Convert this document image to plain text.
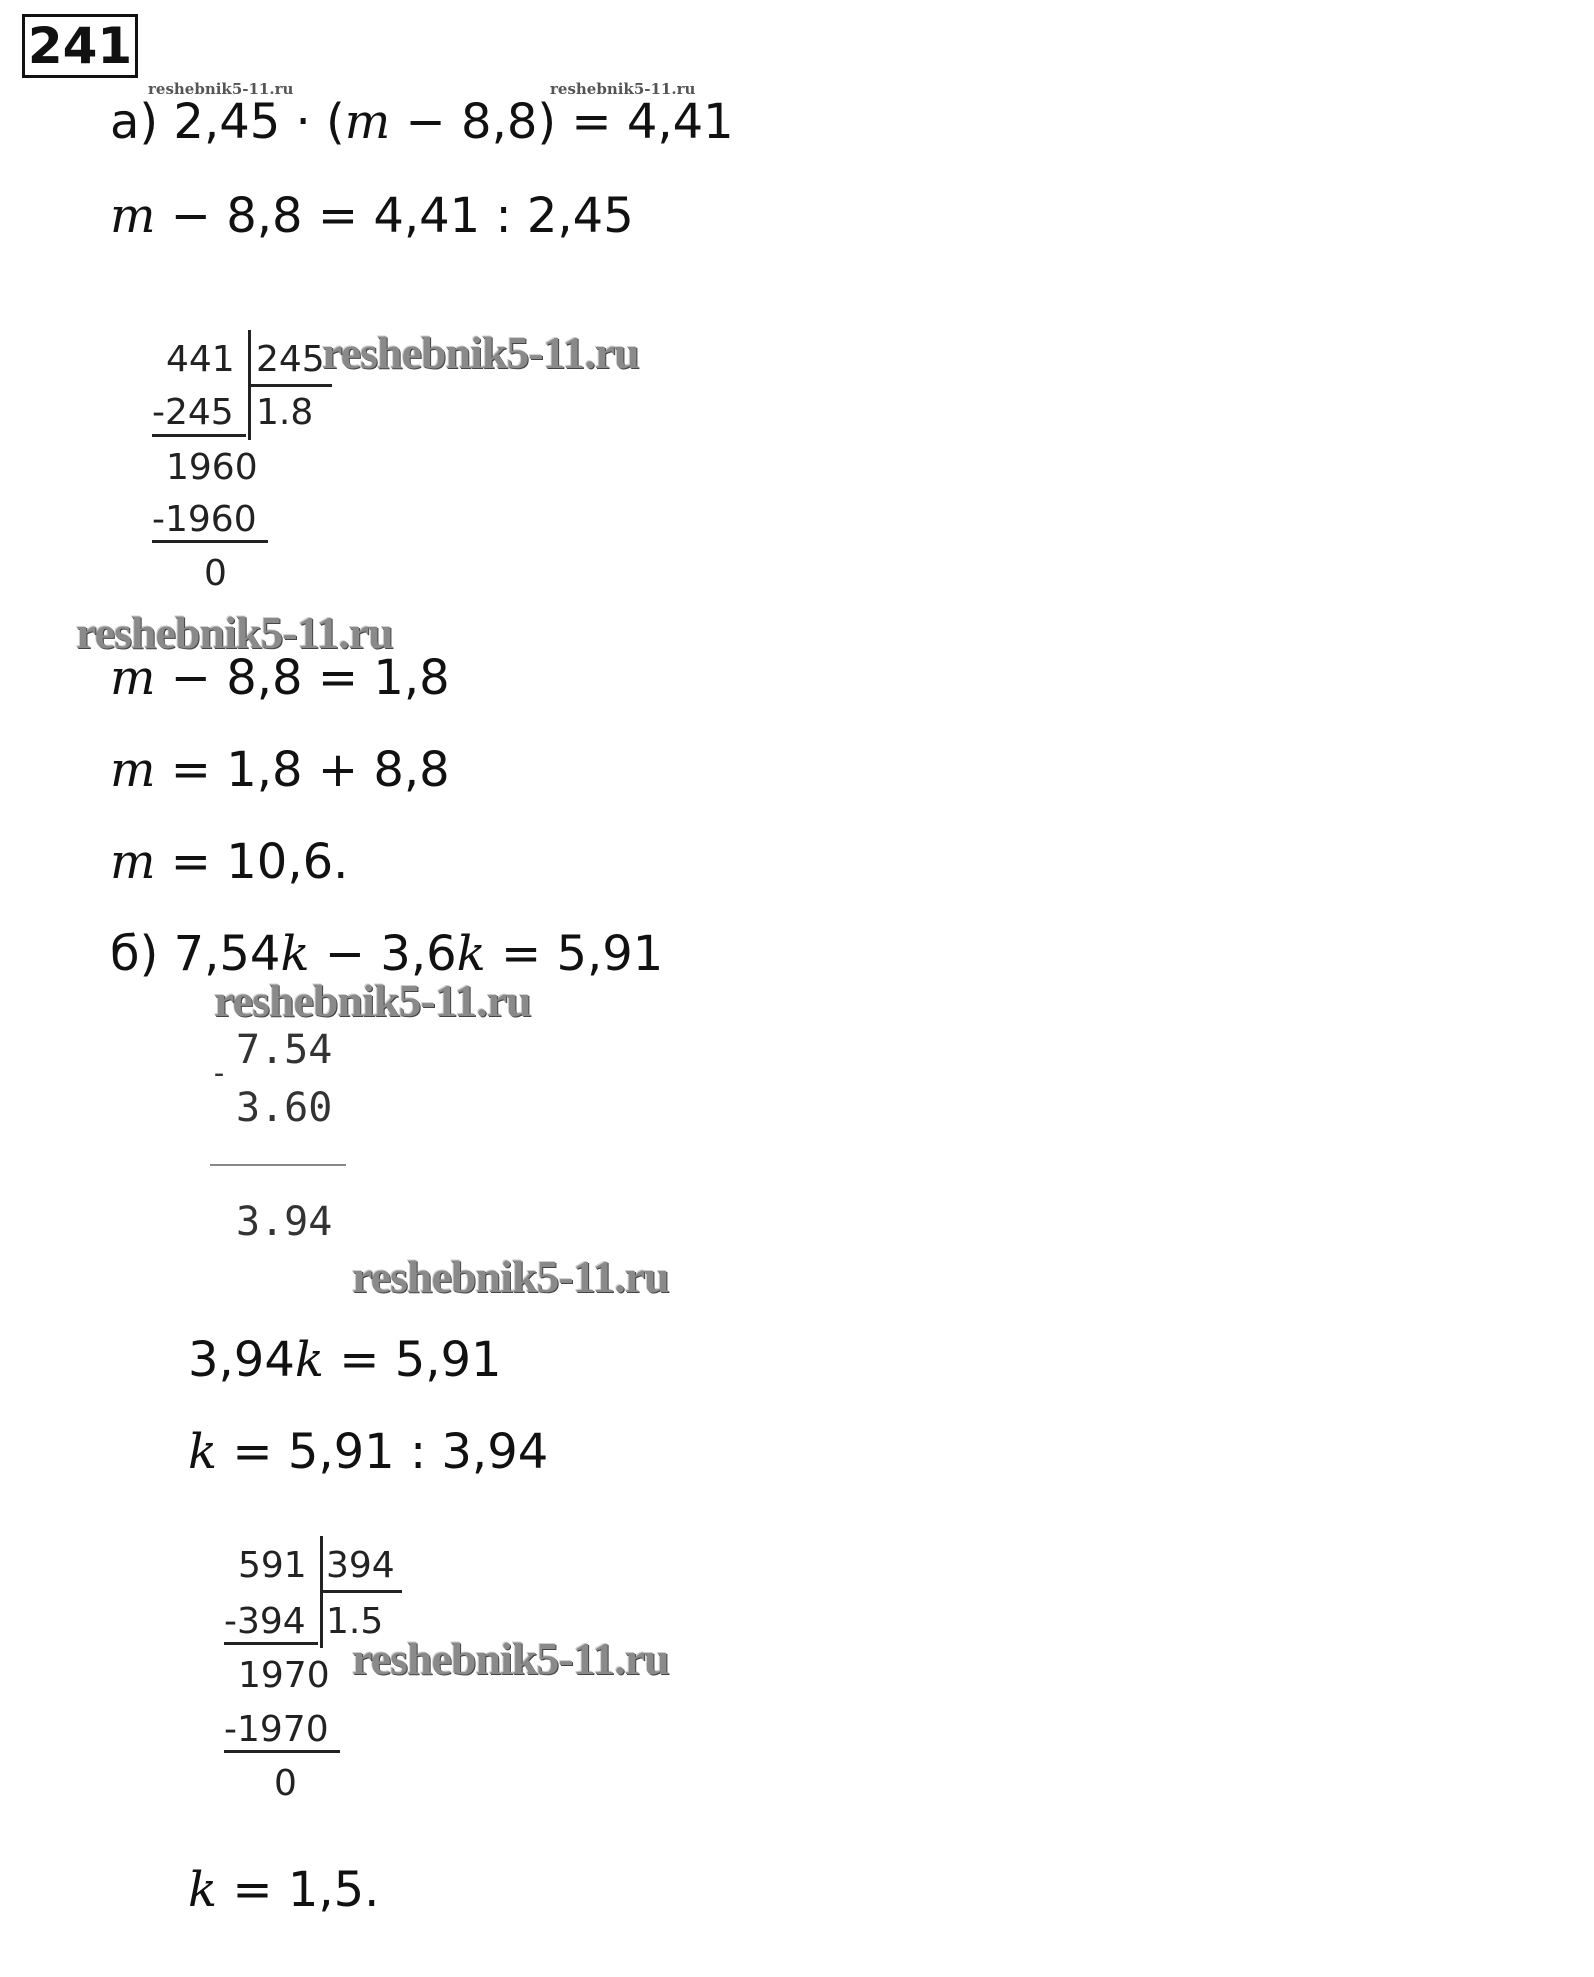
241
reshebnik5-11.ru	reshebnik5-11.ru
а) 2,45 · (m − 8,8) = 4,41
m − 8,8 = 4,41 : 2,45
441 245
1.8
-245
1960
-1960
0
reshebnik5-11.ru
reshebnik5-11.ru
m − 8,8 = 1,8
m = 1,8 + 8,8
m = 10,6.
б) 7,54k − 3,6k = 5,91
reshebnik5-11.ru
7.54
-
3.60
3.94
reshebnik5-11.ru
3,94k = 5,91
k = 5,91 : 3,94
591 394
1.5
-394
1970
-1970
0
reshebnik5-11.ru
k = 1,5.
